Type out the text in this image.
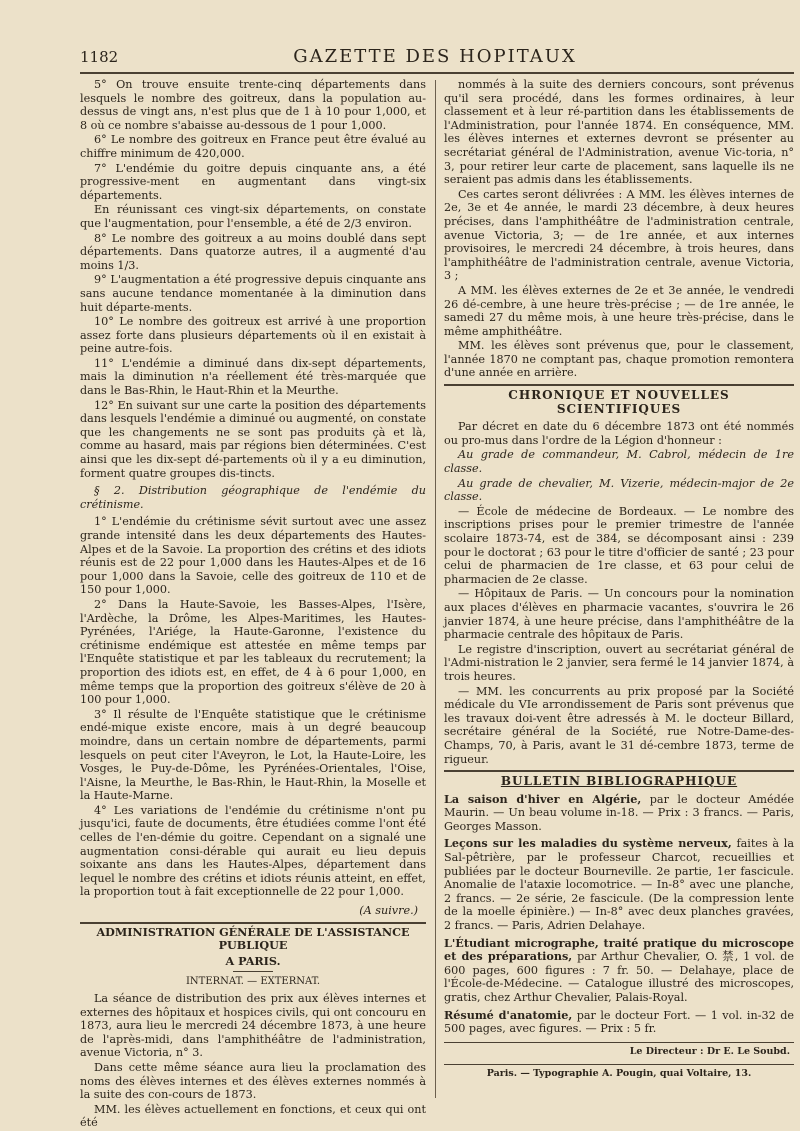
1182	GAZETTE DES HOPITAUX

5° On trouve ensuite trente-cinq départements dans lesquels le nombre des goitreux, dans la population au-dessus de vingt ans, n'est plus que de 1 à 10 pour 1,000, et 8 où ce nombre s'abaisse au-dessous de 1 pour 1,000.

6° Le nombre des goitreux en France peut être évalué au chiffre minimum de 420,000.

7° L'endémie du goitre depuis cinquante ans, a été progressive-ment en augmentant dans vingt-six départements.

En réunissant ces vingt-six départements, on constate que l'augmentation, pour l'ensemble, a été de 2/3 environ.

8° Le nombre des goitreux a au moins doublé dans sept départements. Dans quatorze autres, il a augmenté d'au moins 1/3.

9° L'augmentation a été progressive depuis cinquante ans sans aucune tendance momentanée à la diminution dans huit départe-ments.

10° Le nombre des goitreux est arrivé à une proportion assez forte dans plusieurs départements où il en existait à peine autre-fois.

11° L'endémie a diminué dans dix-sept départements, mais la diminution n'a réellement été très-marquée que dans le Bas-Rhin, le Haut-Rhin et la Meurthe.

12° En suivant sur une carte la position des départements dans lesquels l'endémie a diminué ou augmenté, on constate que les changements ne se sont pas produits çà et là, comme au hasard, mais par régions bien déterminées. C'est ainsi que les dix-sept dé-partements où il y a eu diminution, forment quatre groupes dis-tincts.

§ 2. Distribution géographique de l'endémie du crétinisme.

1° L'endémie du crétinisme sévit surtout avec une assez grande intensité dans les deux départements des Hautes-Alpes et de la Savoie. La proportion des crétins et des idiots réunis est de 22 pour 1,000 dans les Hautes-Alpes et de 16 pour 1,000 dans la Savoie, celle des goitreux de 110 et de 150 pour 1,000.

2° Dans la Haute-Savoie, les Basses-Alpes, l'Isère, l'Ardèche, la Drôme, les Alpes-Maritimes, les Hautes-Pyrénées, l'Ariége, la Haute-Garonne, l'existence du crétinisme endémique est attestée en même temps par l'Enquête statistique et par les tableaux du recrutement; la proportion des idiots est, en effet, de 4 à 6 pour 1,000, en même temps que la proportion des goitreux s'élève de 20 à 100 pour 1,000.

3° Il résulte de l'Enquête statistique que le crétinisme endé-mique existe encore, mais à un degré beaucoup moindre, dans un certain nombre de départements, parmi lesquels on peut citer l'Aveyron, le Lot, la Haute-Loire, les Vosges, le Puy-de-Dôme, les Pyrénées-Orientales, l'Oise, l'Aisne, la Meurthe, le Bas-Rhin, le Haut-Rhin, la Moselle et la Haute-Marne.

4° Les variations de l'endémie du crétinisme n'ont pu jusqu'ici, faute de documents, être étudiées comme l'ont été celles de l'en-démie du goitre. Cependant on a signalé une augmentation consi-dérable qui aurait eu lieu depuis soixante ans dans les Hautes-Alpes, département dans lequel le nombre des crétins et idiots réunis atteint, en effet, la proportion tout à fait exceptionnelle de 22 pour 1,000.

(A suivre.)

ADMINISTRATION GÉNÉRALE DE L'ASSISTANCE PUBLIQUE

A PARIS.

INTERNAT. — EXTERNAT.

La séance de distribution des prix aux élèves internes et externes des hôpitaux et hospices civils, qui ont concouru en 1873, aura lieu le mercredi 24 décembre 1873, à une heure de l'après-midi, dans l'amphithéâtre de l'administration, avenue Victoria, n° 3.

Dans cette même séance aura lieu la proclamation des noms des élèves internes et des élèves externes nommés à la suite des con-cours de 1873.

MM. les élèves actuellement en fonctions, et ceux qui ont été

nommés à la suite des derniers concours, sont prévenus qu'il sera procédé, dans les formes ordinaires, à leur classement et à leur ré-partition dans les établissements de l'Administration, pour l'année 1874. En conséquence, MM. les élèves internes et externes devront se présenter au secrétariat général de l'Administration, avenue Vic-toria, n° 3, pour retirer leur carte de placement, sans laquelle ils ne seraient pas admis dans les établissements.

Ces cartes seront délivrées : A MM. les élèves internes de 2e, 3e et 4e année, le mardi 23 décembre, à deux heures précises, dans l'amphithéâtre de l'administration centrale, avenue Victoria, 3; — de 1re année, et aux internes provisoires, le mercredi 24 décembre, à trois heures, dans l'amphithéâtre de l'administration centrale, avenue Victoria, 3 ;

A MM. les élèves externes de 2e et 3e année, le vendredi 26 dé-cembre, à une heure très-précise ; — de 1re année, le samedi 27 du même mois, à une heure très-précise, dans le même amphithéâtre.

MM. les élèves sont prévenus que, pour le classement, l'année 1870 ne comptant pas, chaque promotion remontera d'une année en arrière.

CHRONIQUE ET NOUVELLES SCIENTIFIQUES

Par décret en date du 6 décembre 1873 ont été nommés ou pro-mus dans l'ordre de la Légion d'honneur :

Au grade de commandeur, M. Cabrol, médecin de 1re classe.

Au grade de chevalier, M. Vizerie, médecin-major de 2e classe.

— École de médecine de Bordeaux. — Le nombre des inscriptions prises pour le premier trimestre de l'année scolaire 1873-74, est de 384, se décomposant ainsi : 239 pour le doctorat ; 63 pour le titre d'officier de santé ; 23 pour celui de pharmacien de 1re classe, et 63 pour celui de pharmacien de 2e classe.

— Hôpitaux de Paris. — Un concours pour la nomination aux places d'élèves en pharmacie vacantes, s'ouvrira le 26 janvier 1874, à une heure précise, dans l'amphithéâtre de la pharmacie centrale des hôpitaux de Paris.

Le registre d'inscription, ouvert au secrétariat général de l'Admi-nistration le 2 janvier, sera fermé le 14 janvier 1874, à trois heures.

— MM. les concurrents au prix proposé par la Société médicale du VIe arrondissement de Paris sont prévenus que les travaux doi-vent être adressés à M. le docteur Billard, secrétaire général de la Société, rue Notre-Dame-des-Champs, 70, à Paris, avant le 31 dé-cembre 1873, terme de rigueur.

BULLETIN BIBLIOGRAPHIQUE

La saison d'hiver en Algérie, par le docteur Amédée Maurin. — Un beau volume in-18. — Prix : 3 francs. — Paris, Georges Masson.

Leçons sur les maladies du système nerveux, faites à la Sal-pêtrière, par le professeur Charcot, recueillies et publiées par le docteur Bourneville. 2e partie, 1er fascicule. Anomalie de l'ataxie locomotrice. — In-8° avec une planche, 2 francs. — 2e série, 2e fascicule. (De la compression lente de la moelle épinière.) — In-8° avec deux planches gravées, 2 francs. — Paris, Adrien Delahaye.

L'Étudiant micrographe, traité pratique du microscope et des préparations, par Arthur Chevalier, O. 禁, 1 vol. de 600 pages, 600 figures : 7 fr. 50. — Delahaye, place de l'École-de-Médecine. — Catalogue illustré des microscopes, gratis, chez Arthur Chevalier, Palais-Royal.

Résumé d'anatomie, par le docteur Fort. — 1 vol. in-32 de 500 pages, avec figures. — Prix : 5 fr.

Le Directeur : Dr E. Le Soubd.

Paris. — Typographie A. Pougin, quai Voltaire, 13.
